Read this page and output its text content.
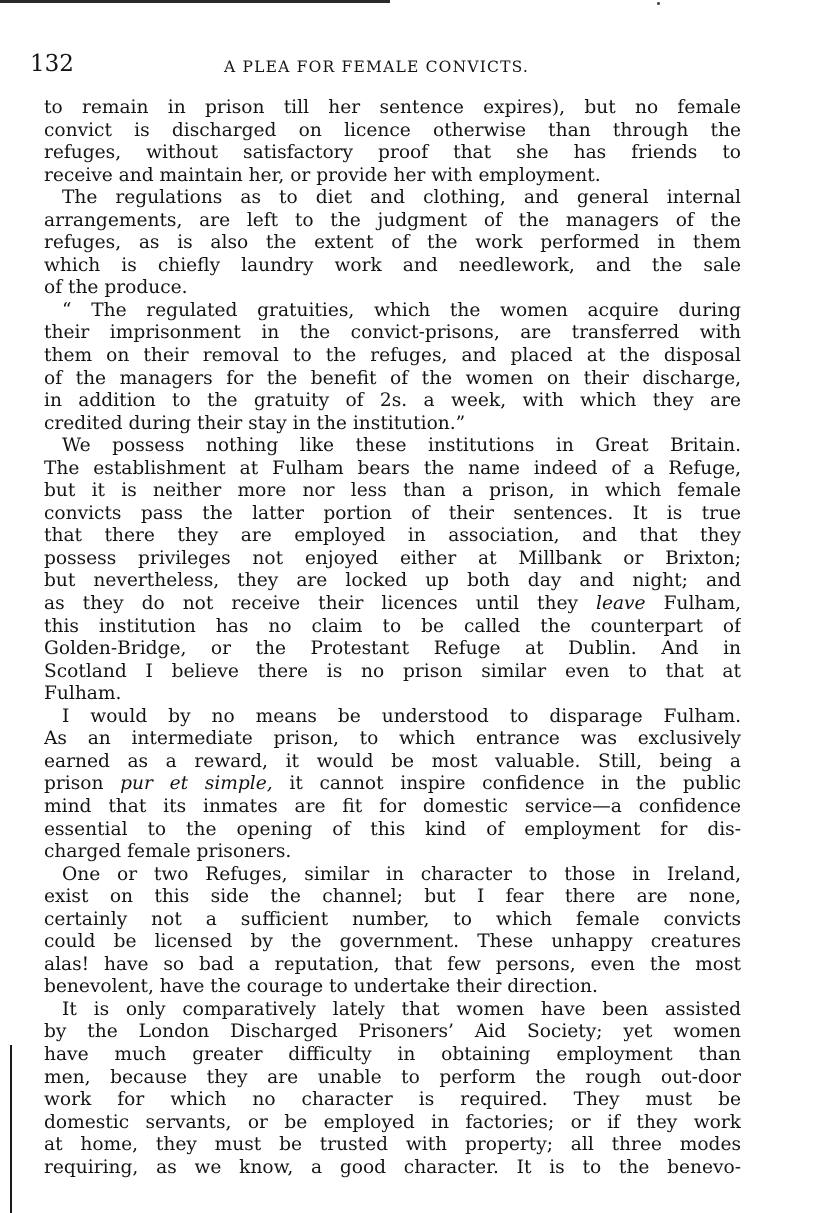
132	A PLEA FOR FEMALE CONVICTS.
to remain in prison till her sentence expires), but no female
convict is discharged on licence otherwise than through the
refuges, without satisfactory proof that she has friends to
receive and maintain her, or provide her with employment.
The regulations as to diet and clothing, and general internal
arrangements, are left to the judgment of the managers of the
refuges, as is also the extent of the work performed in them
which is chiefly laundry work and needlework, and the sale
of the produce.
“ The regulated gratuities, which the women acquire during
their imprisonment in the convict-prisons, are transferred with
them on their removal to the refuges, and placed at the disposal
of the managers for the benefit of the women on their discharge,
in addition to the gratuity of 2s. a week, with which they are
credited during their stay in the institution.”
We possess nothing like these institutions in Great Britain.
The establishment at Fulham bears the name indeed of a Refuge,
but it is neither more nor less than a prison, in which female
convicts pass the latter portion of their sentences. It is true
that there they are employed in association, and that they
possess privileges not enjoyed either at Millbank or Brixton;
but nevertheless, they are locked up both day and night; and
as they do not receive their licences until they leave Fulham,
this institution has no claim to be called the counterpart of
Golden-Bridge, or the Protestant Refuge at Dublin. And in
Scotland I believe there is no prison similar even to that at
Fulham.
I would by no means be understood to disparage Fulham.
As an intermediate prison, to which entrance was exclusively
earned as a reward, it would be most valuable. Still, being a
prison pur et simple, it cannot inspire confidence in the public
mind that its inmates are fit for domestic service—a confidence
essential to the opening of this kind of employment for dis-
charged female prisoners.
One or two Refuges, similar in character to those in Ireland,
exist on this side the channel; but I fear there are none,
certainly not a sufficient number, to which female convicts
could be licensed by the government. These unhappy creatures
alas! have so bad a reputation, that few persons, even the most
benevolent, have the courage to undertake their direction.
It is only comparatively lately that women have been assisted
by the London Discharged Prisoners’ Aid Society; yet women
have much greater difficulty in obtaining employment than
men, because they are unable to perform the rough out-door
work for which no character is required. They must be
domestic servants, or be employed in factories; or if they work
at home, they must be trusted with property; all three modes
requiring, as we know, a good character. It is to the benevo-
